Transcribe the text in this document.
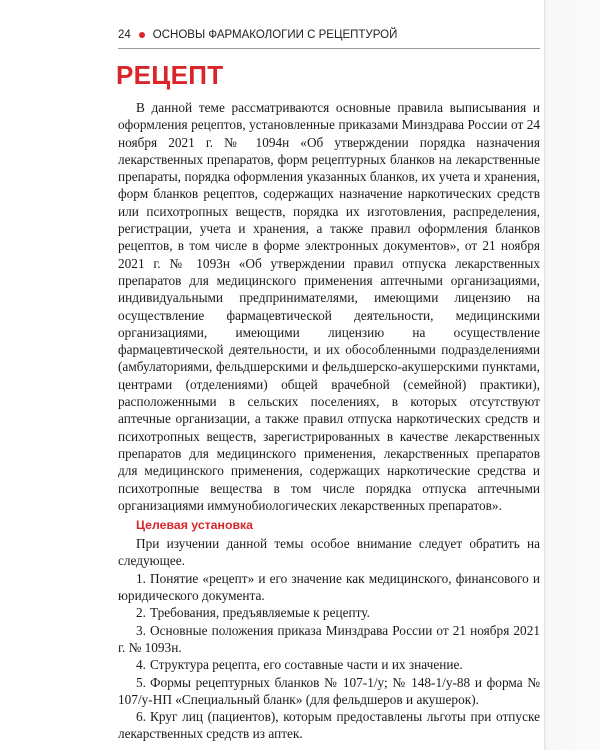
24 ОСНОВЫ ФАРМАКОЛОГИИ С РЕЦЕПТУРОЙ
РЕЦЕПТ

В данной теме рассматриваются основные правила выписывания и оформления рецептов, установленные приказами Минздрава России от 24 ноября 2021 г. № 1094н «Об утверждении порядка назначения лекарственных препаратов, форм рецептурных бланков на лекарственные препараты, порядка оформления указанных бланков, их учета и хранения, форм бланков рецептов, содержащих назначение наркотических средств или психотропных веществ, порядка их изготовления, распределения, регистрации, учета и хранения, а также правил оформления бланков рецептов, в том числе в форме электронных документов», от 21 ноября 2021 г. № 1093н «Об утверждении правил отпуска лекарственных препаратов для медицинского применения аптечными организациями, индивидуальными предпринимателями, имеющими лицензию на осуществление фармацевтической деятельности, медицинскими организациями, имеющими лицензию на осуществление фармацевтической деятельности, и их обособленными подразделениями (амбулаториями, фельдшерскими и фельдшерско-акушерскими пунктами, центрами (отделениями) общей врачебной (семейной) практики), расположенными в сельских поселениях, в которых отсутствуют аптечные организации, а также правил отпуска наркотических средств и психотропных веществ, зарегистрированных в качестве лекарственных препаратов для медицинского применения, лекарственных препаратов для медицинского применения, содержащих наркотические средства и психотропные вещества в том числе порядка отпуска аптечными организациями иммунобиологических лекарственных препаратов».

Целевая установка

При изучении данной темы особое внимание следует обратить на следующее.

1. Понятие «рецепт» и его значение как медицинского, финансового и юридического документа.
2. Требования, предъявляемые к рецепту.
3. Основные положения приказа Минздрава России от 21 ноября 2021 г. № 1093н.
4. Структура рецепта, его составные части и их значение.
5. Формы рецептурных бланков № 107-1/у; № 148-1/у-88 и форма № 107/у-НП «Специальный бланк» (для фельдшеров и акушерок).
6. Круг лиц (пациентов), которым предоставлены льготы при отпуске лекарственных средств из аптек.
